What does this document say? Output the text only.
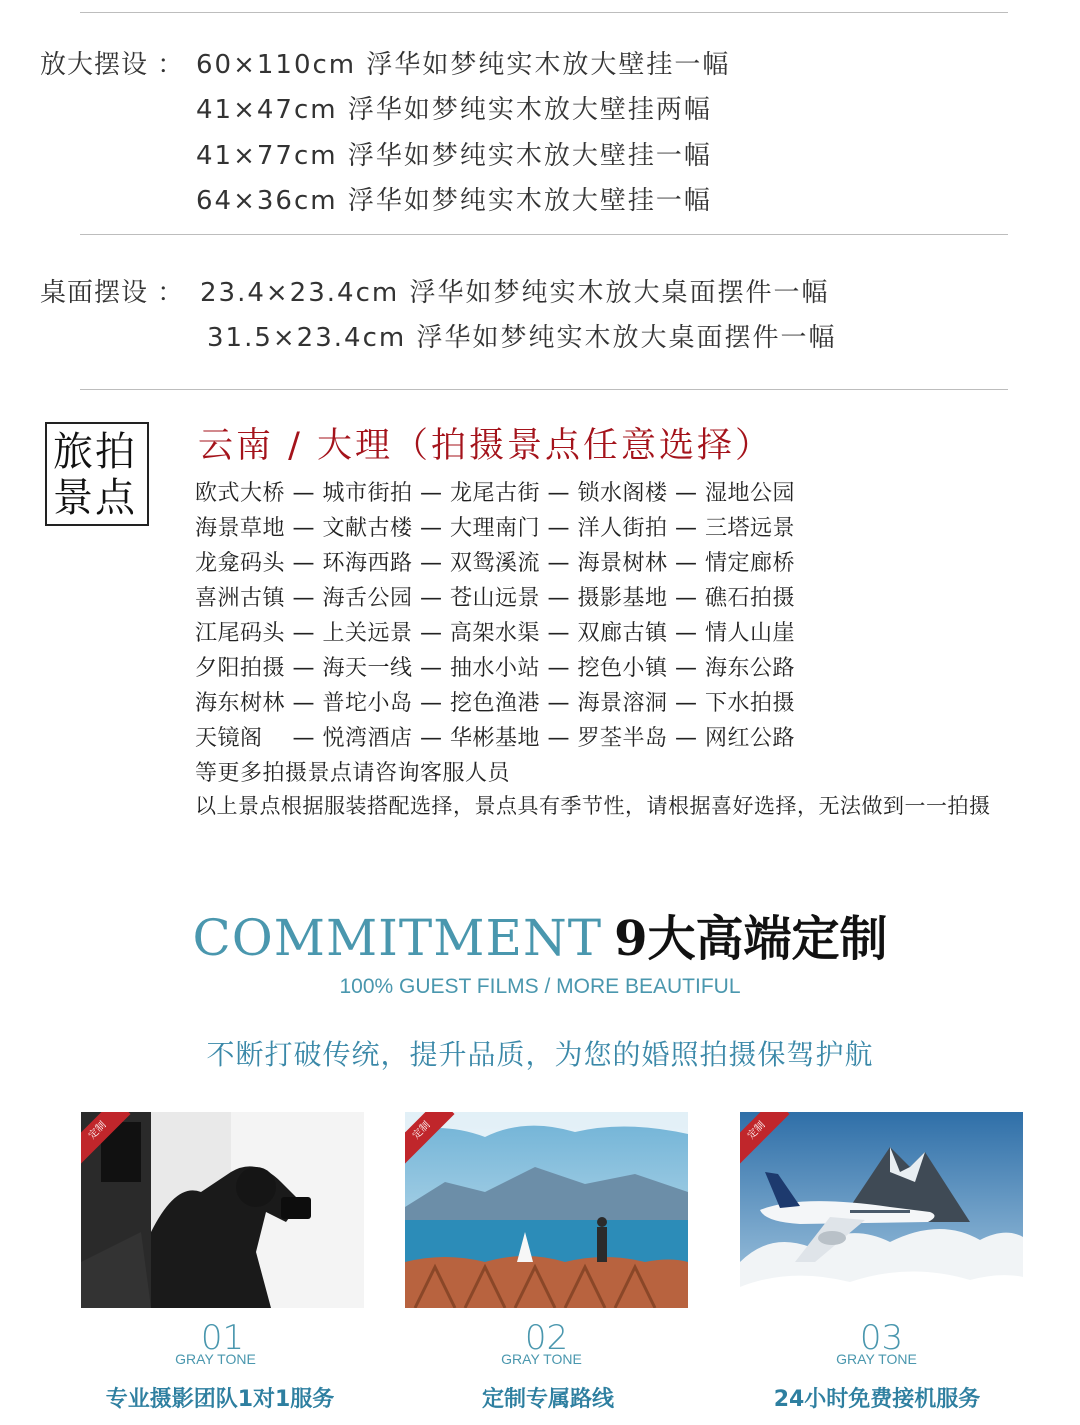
放大摆设 ： 60×110cm 浮华如梦纯实木放大壁挂一幅
41×47cm 浮华如梦纯实木放大壁挂两幅
41×77cm 浮华如梦纯实木放大壁挂一幅
64×36cm 浮华如梦纯实木放大壁挂一幅
桌面摆设 ： 23.4×23.4cm 浮华如梦纯实木放大桌面摆件一幅
31.5×23.4cm 浮华如梦纯实木放大桌面摆件一幅
旅拍
景点
云南 / 大理（拍摄景点任意选择）
欧式大桥 — 城市街拍 — 龙尾古街 — 锁水阁楼 — 湿地公园
海景草地 — 文献古楼 — 大理南门 — 洋人街拍 — 三塔远景
龙龛码头 — 环海西路 — 双鸳溪流 — 海景树林 — 情定廊桥
喜洲古镇 — 海舌公园 — 苍山远景 — 摄影基地 — 礁石拍摄
江尾码头 — 上关远景 — 高架水渠 — 双廊古镇 — 情人山崖
夕阳拍摄 — 海天一线 — 抽水小站 — 挖色小镇 — 海东公路
海东树林 — 普坨小岛 — 挖色渔港 — 海景溶洞 — 下水拍摄
天镜阁　 — 悦湾酒店 — 华彬基地 — 罗荃半岛 — 网红公路
等更多拍摄景点请咨询客服人员
以上景点根据服装搭配选择，景点具有季节性，请根据喜好选择，无法做到一一拍摄
COMMITMENT 9大高端定制
100% GUEST FILMS / MORE BEAUTIFUL
不断打破传统，提升品质，为您的婚照拍摄保驾护航
定制	定制	定制
01	02	03
GRAY TONE	GRAY TONE	GRAY TONE
专业摄影团队1对1服务	定制专属路线	24小时免费接机服务
